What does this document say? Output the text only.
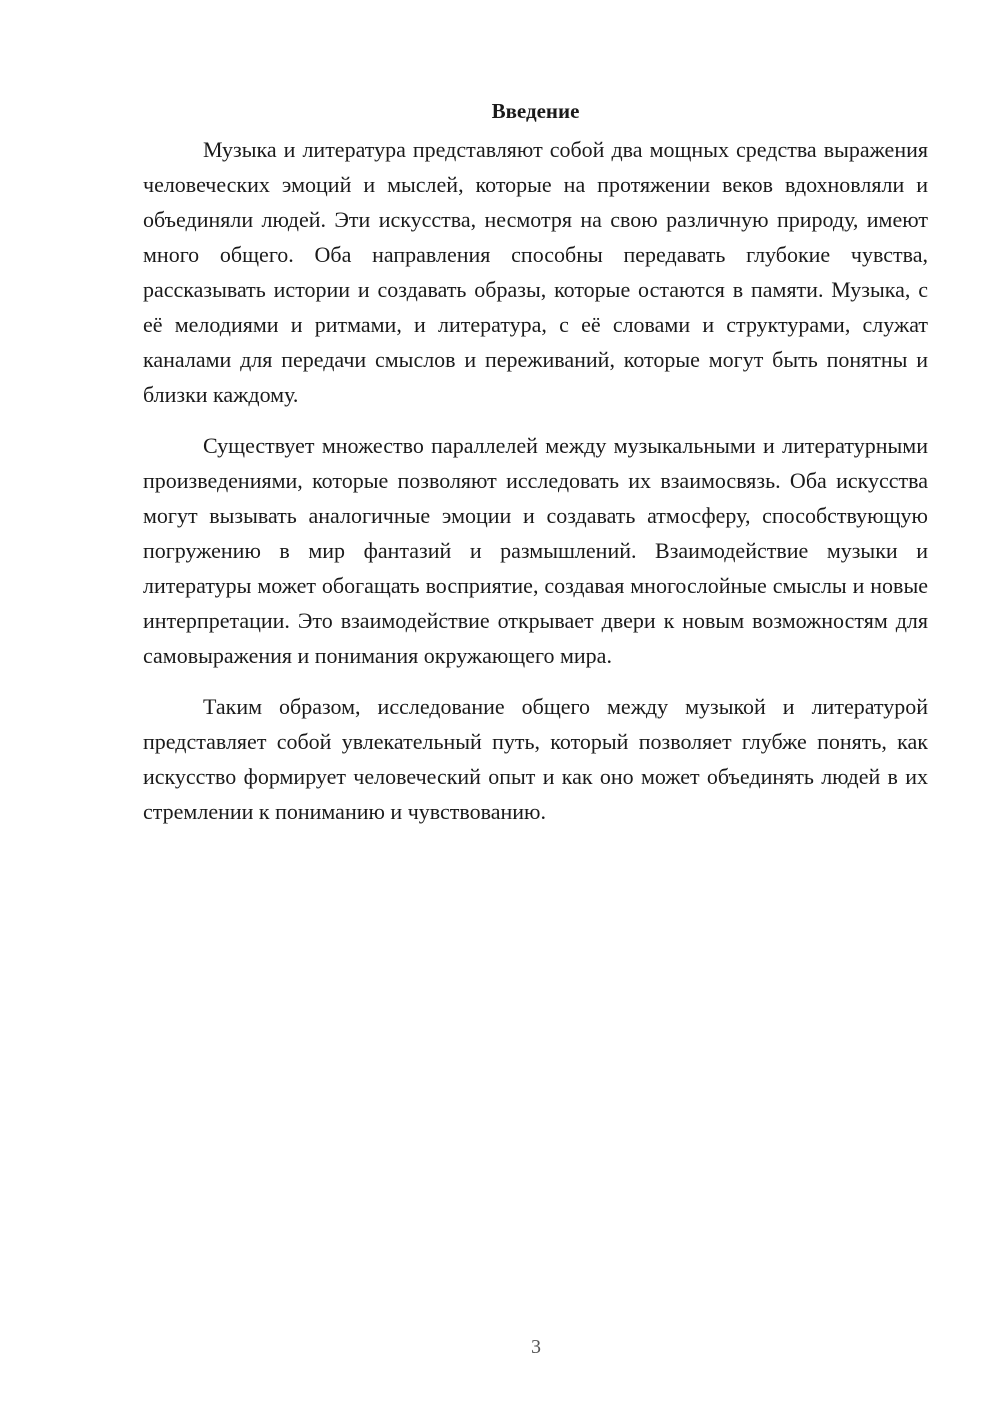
Введение

Музыка и литература представляют собой два мощных средства выражения человеческих эмоций и мыслей, которые на протяжении веков вдохновляли и объединяли людей. Эти искусства, несмотря на свою различную природу, имеют много общего. Оба направления способны передавать глубокие чувства, рассказывать истории и создавать образы, которые остаются в памяти. Музыка, с её мелодиями и ритмами, и литература, с её словами и структурами, служат каналами для передачи смыслов и переживаний, которые могут быть понятны и близки каждому.

Существует множество параллелей между музыкальными и литературными произведениями, которые позволяют исследовать их взаимосвязь. Оба искусства могут вызывать аналогичные эмоции и создавать атмосферу, способствующую погружению в мир фантазий и размышлений. Взаимодействие музыки и литературы может обогащать восприятие, создавая многослойные смыслы и новые интерпретации. Это взаимодействие открывает двери к новым возможностям для самовыражения и понимания окружающего мира.

Таким образом, исследование общего между музыкой и литературой представляет собой увлекательный путь, который позволяет глубже понять, как искусство формирует человеческий опыт и как оно может объединять людей в их стремлении к пониманию и чувствованию.

3
